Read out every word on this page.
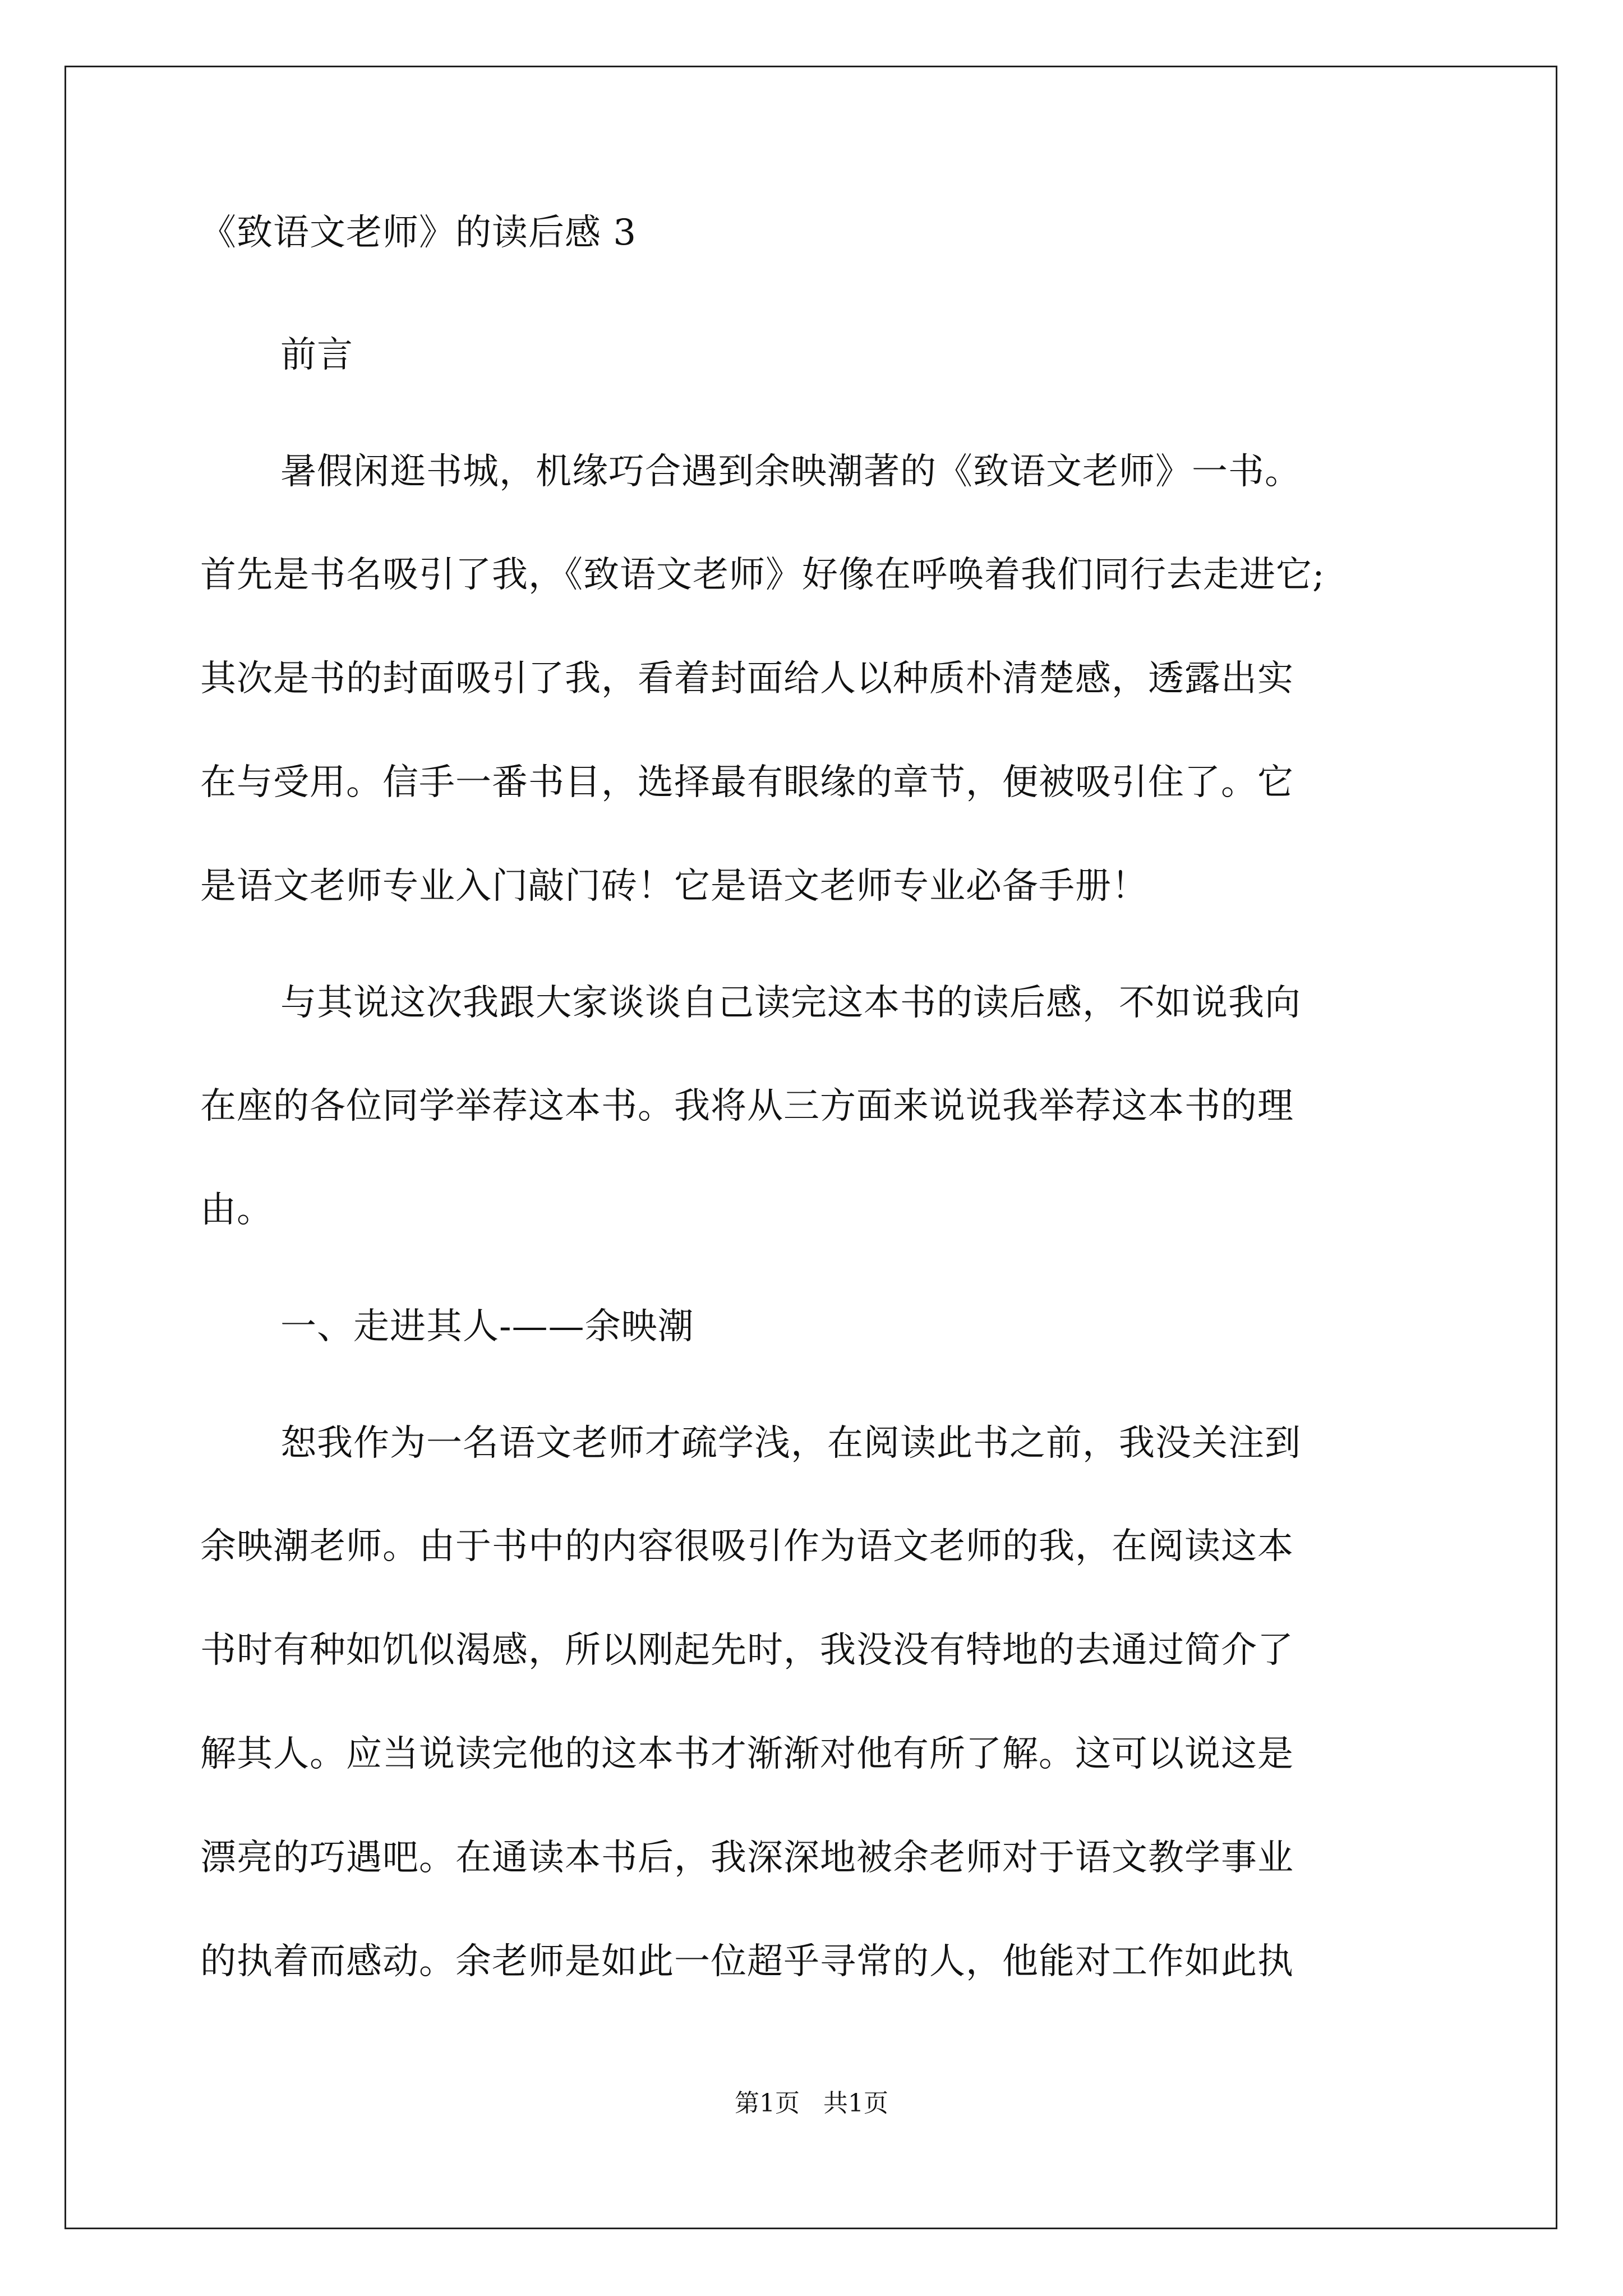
《致语文老师》的读后感 3
前言
暑假闲逛书城，机缘巧合遇到余映潮著的《致语文老师》一书。
首先是书名吸引了我，《致语文老师》好像在呼唤着我们同行去走进它;
其次是书的封面吸引了我，看着封面给人以种质朴清楚感，透露出实
在与受用。信手一番书目，选择最有眼缘的章节，便被吸引住了。它
是语文老师专业入门敲门砖！它是语文老师专业必备手册！
与其说这次我跟大家谈谈自己读完这本书的读后感，不如说我向
在座的各位同学举荐这本书。我将从三方面来说说我举荐这本书的理
由。
一、走进其人-——余映潮
恕我作为一名语文老师才疏学浅，在阅读此书之前，我没关注到
余映潮老师。由于书中的内容很吸引作为语文老师的我，在阅读这本
书时有种如饥似渴感，所以刚起先时，我没没有特地的去通过简介了
解其人。应当说读完他的这本书才渐渐对他有所了解。这可以说这是
漂亮的巧遇吧。在通读本书后，我深深地被余老师对于语文教学事业
的执着而感动。余老师是如此一位超乎寻常的人，他能对工作如此执
第1页   共1页
